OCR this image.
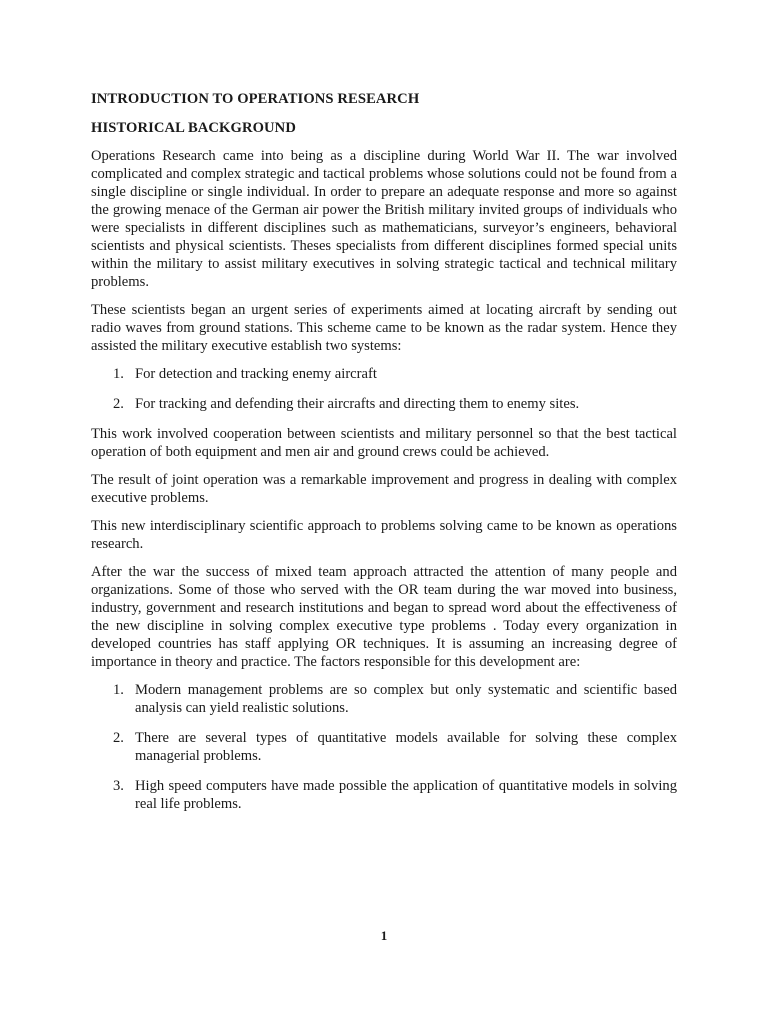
INTRODUCTION TO OPERATIONS RESEARCH
HISTORICAL BACKGROUND

Operations Research came into being as a discipline during World War II. The war involved complicated and complex strategic and tactical problems whose solutions could not be found from a single discipline or single individual. In order to prepare an adequate response and more so against the growing menace of the German air power the British military invited groups of individuals who were specialists in different disciplines such as mathematicians, surveyor’s engineers, behavioral scientists and physical scientists. Theses specialists from different disciplines formed special units within the military to assist military executives in solving strategic tactical and technical military problems.

These scientists began an urgent series of experiments aimed at locating aircraft by sending out radio waves from ground stations. This scheme came to be known as the radar system. Hence they assisted the military executive establish two systems:

1. For detection and tracking enemy aircraft
2. For tracking and defending their aircrafts and directing them to enemy sites.

This work involved cooperation between scientists and military personnel so that the best tactical operation of both equipment and men air and ground crews could be achieved.

The result of joint operation was a remarkable improvement and progress in dealing with complex executive problems.

This new interdisciplinary scientific approach to problems solving came to be known as operations research.

After the war the success of mixed team approach attracted the attention of many people and organizations. Some of those who served with the OR team during the war moved into business, industry, government and research institutions and began to spread word about the effectiveness of the new discipline in solving complex executive type problems . Today every organization in developed countries has staff applying OR techniques. It is assuming an increasing degree of importance in theory and practice. The factors responsible for this development are:

1. Modern management problems are so complex but only systematic and scientific based analysis can yield realistic solutions.
2. There are several types of quantitative models available for solving these complex managerial problems.
3. High speed computers have made possible the application of quantitative models in solving real life problems.
1
